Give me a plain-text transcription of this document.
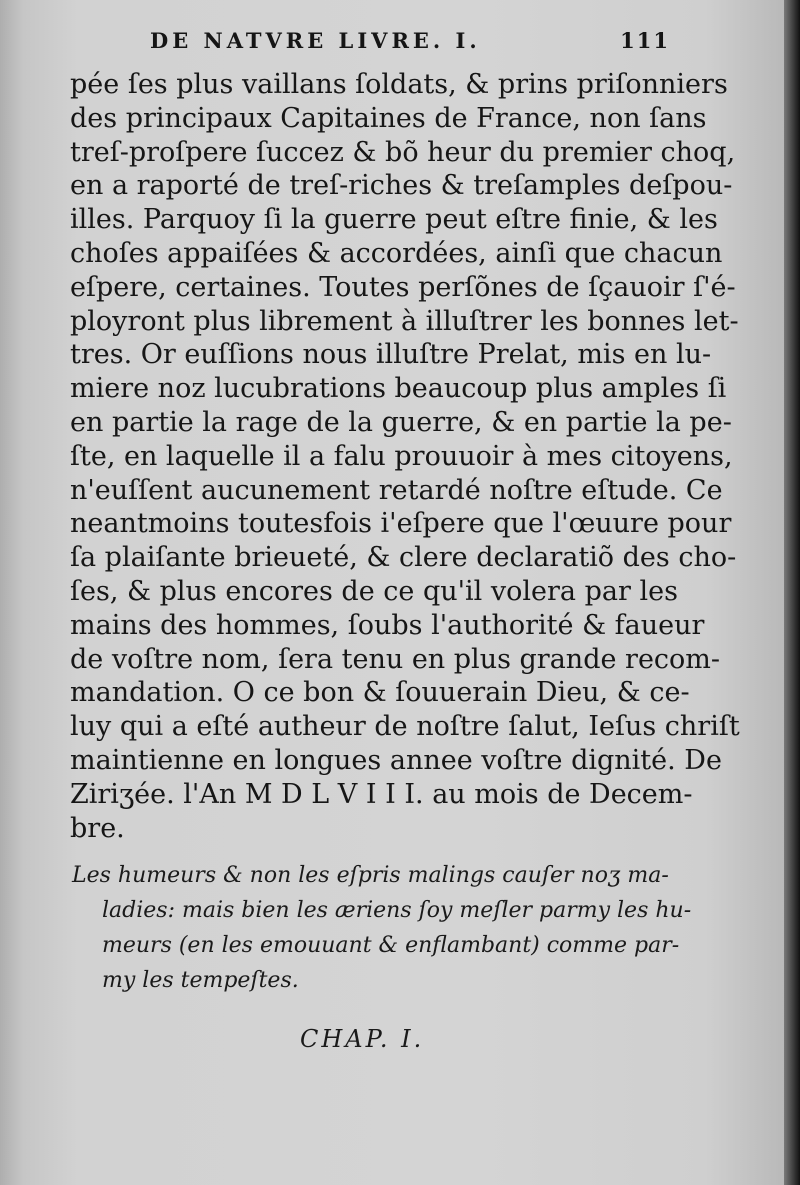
DE NATVRE LIVRE. I.	111
pée ſes plus vaillans ſoldats, & prins priſonniers
des principaux Capitaines de France, non ſans
treſ-proſpere ſuccez & bõ heur du premier choq,
en a raporté de treſ-riches & treſamples deſpou-
illes. Parquoy ſi la guerre peut eſtre finie, & les
choſes appaiſées & accordées, ainſi que chacun
eſpere, certaines. Toutes perſõnes de ſçauoir ſ'é-
ployront plus librement à illuſtrer les bonnes let-
tres. Or euſſions nous illuſtre Prelat, mis en lu-
miere noz lucubrations beaucoup plus amples ſi
en partie la rage de la guerre, & en partie la pe-
ſte, en laquelle il a falu prouuoir à mes citoyens,
n'euſſent aucunement retardé noſtre eſtude. Ce
neantmoins toutesfois i'eſpere que l'œuure pour
ſa plaiſante brieueté, & clere declaratiõ des cho-
ſes, & plus encores de ce qu'il volera par les
mains des hommes, ſoubs l'authorité & faueur
de voſtre nom, ſera tenu en plus grande recom-
mandation. O ce bon & ſouuerain Dieu, & ce-
luy qui a eſté autheur de noſtre ſalut, Ieſus chriſt
maintienne en longues annee voſtre dignité. De
Ziriʒée. l'An M D L V I I I. au mois de Decem-
bre.
Les humeurs & non les eſpris malings cauſer noʒ ma-
ladies: mais bien les æriens ſoy meſler parmy les hu-
meurs (en les emouuant & enflambant) comme par-
my les tempeſtes.
CHAP. I.
